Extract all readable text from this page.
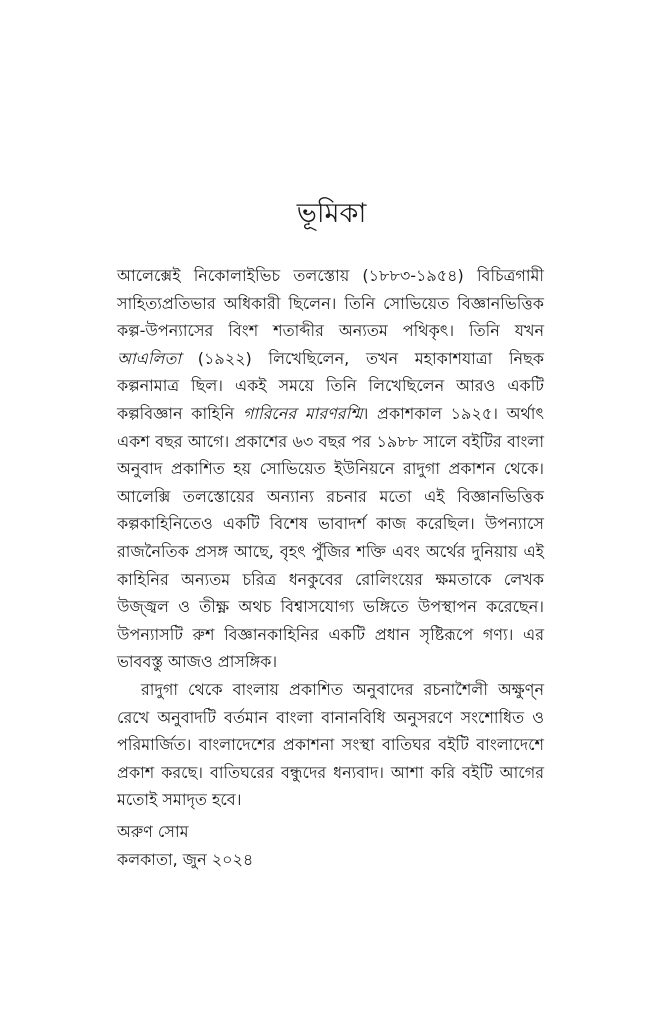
ভূমিকা

আলেক্সেই নিকোলাইভিচ তলস্তোয় (১৮৮৩-১৯৫৪) বিচিত্রগামী সাহিত্যপ্রতিভার অধিকারী ছিলেন। তিনি সোভিয়েত বিজ্ঞানভিত্তিক কল্প-উপন্যাসের বিংশ শতাব্দীর অন্যতম পথিকৃৎ। তিনি যখন আএলিতা (১৯২২) লিখেছিলেন, তখন মহাকাশযাত্রা নিছক কল্পনামাত্র ছিল। একই সময়ে তিনি লিখেছিলেন আরও একটি কল্পবিজ্ঞান কাহিনি গারিনের মারণরশ্মি। প্রকাশকাল ১৯২৫। অর্থাৎ একশ বছর আগে। প্রকাশের ৬৩ বছর পর ১৯৮৮ সালে বইটির বাংলা অনুবাদ প্রকাশিত হয় সোভিয়েত ইউনিয়নে রাদুগা প্রকাশন থেকে। আলেক্সি তলস্তোয়ের অন্যান্য রচনার মতো এই বিজ্ঞানভিত্তিক কল্পকাহিনিতেও একটি বিশেষ ভাবাদর্শ কাজ করেছিল। উপন্যাসে রাজনৈতিক প্রসঙ্গ আছে, বৃহৎ পুঁজির শক্তি এবং অর্থের দুনিয়ায় এই কাহিনির অন্যতম চরিত্র ধনকুবের রোলিংয়ের ক্ষমতাকে লেখক উজ্জ্বল ও তীক্ষ্ণ অথচ বিশ্বাসযোগ্য ভঙ্গিতে উপস্থাপন করেছেন। উপন্যাসটি রুশ বিজ্ঞানকাহিনির একটি প্রধান সৃষ্টিরূপে গণ্য। এর ভাববস্তু আজও প্রাসঙ্গিক।

রাদুগা থেকে বাংলায় প্রকাশিত অনুবাদের রচনাশৈলী অক্ষুণ্ন রেখে অনুবাদটি বর্তমান বাংলা বানানবিধি অনুসরণে সংশোধিত ও পরিমার্জিত। বাংলাদেশের প্রকাশনা সংস্থা বাতিঘর বইটি বাংলাদেশে প্রকাশ করছে। বাতিঘরের বন্ধুদের ধন্যবাদ। আশা করি বইটি আগের মতোই সমাদৃত হবে।

অরুণ সোম
কলকাতা, জুন ২০২৪
